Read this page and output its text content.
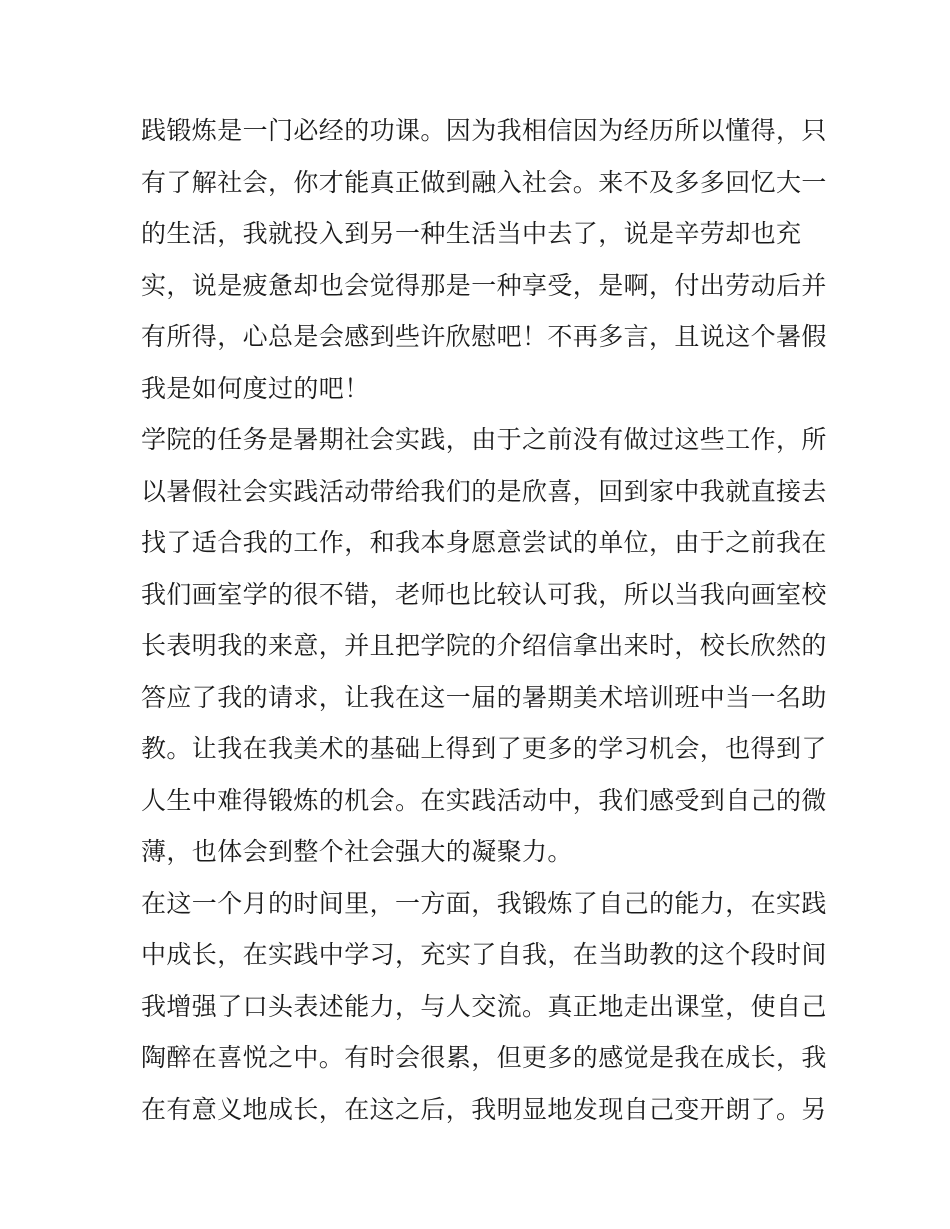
践锻炼是一门必经的功课。因为我相信因为经历所以懂得，只
有了解社会，你才能真正做到融入社会。来不及多多回忆大一
的生活，我就投入到另一种生活当中去了，说是辛劳却也充
实，说是疲惫却也会觉得那是一种享受，是啊，付出劳动后并
有所得，心总是会感到些许欣慰吧！不再多言，且说这个暑假
我是如何度过的吧！
学院的任务是暑期社会实践，由于之前没有做过这些工作，所
以暑假社会实践活动带给我们的是欣喜，回到家中我就直接去
找了适合我的工作，和我本身愿意尝试的单位，由于之前我在
我们画室学的很不错，老师也比较认可我，所以当我向画室校
长表明我的来意，并且把学院的介绍信拿出来时，校长欣然的
答应了我的请求，让我在这一届的暑期美术培训班中当一名助
教。让我在我美术的基础上得到了更多的学习机会，也得到了
人生中难得锻炼的机会。在实践活动中，我们感受到自己的微
薄，也体会到整个社会强大的凝聚力。
在这一个月的时间里，一方面，我锻炼了自己的能力，在实践
中成长，在实践中学习，充实了自我，在当助教的这个段时间
我增强了口头表述能力，与人交流。真正地走出课堂，使自己
陶醉在喜悦之中。有时会很累，但更多的感觉是我在成长，我
在有意义地成长，在这之后，我明显地发现自己变开朗了。另
